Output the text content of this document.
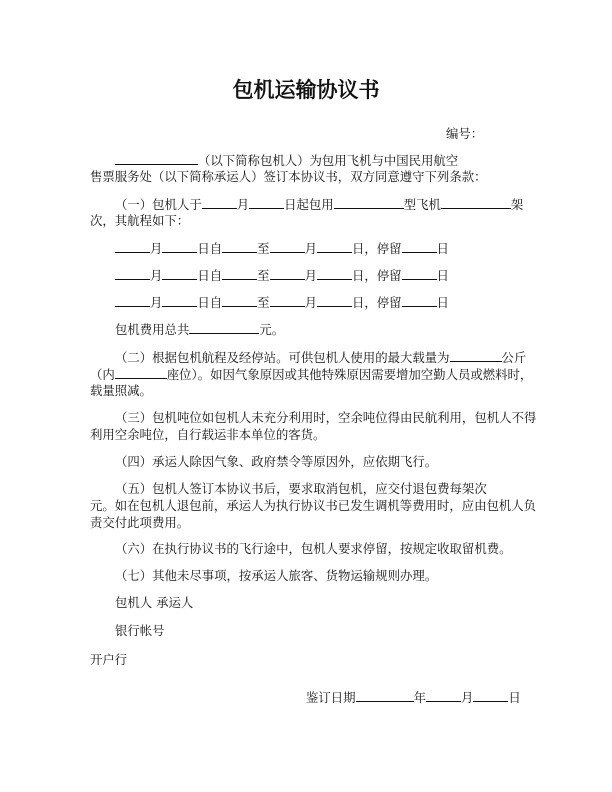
包机运输协议书
编号：
（以下简称包机人）为包用飞机与中国民用航空
售票服务处（以下简称承运人）签订本协议书，双方同意遵守下列条款：
（一）包机人于	月	日起包用	型飞机	架
次，其航程如下：
月	日自	至	月	日，停留	日
月	日自	至	月	日，停留	日
月	日自	至	月	日，停留	日
包机费用总共	元。
（二）根据包机航程及经停站。可供包机人使用的最大载量为	公斤
（内	座位）。如因气象原因或其他特殊原因需要增加空勤人员或燃料时，
载量照减。
（三）包机吨位如包机人未充分利用时，空余吨位得由民航利用，包机人不得
利用空余吨位，自行载运非本单位的客货。
（四）承运人除因气象、政府禁令等原因外，应依期飞行。
（五）包机人签订本协议书后，要求取消包机，应交付退包费每架次
元。如在包机人退包前，承运人为执行协议书已发生调机等费用时，应由包机人负
责交付此项费用。
（六）在执行协议书的飞行途中，包机人要求停留，按规定收取留机费。
（七）其他未尽事项，按承运人旅客、货物运输规则办理。
包机人 承运人
银行帐号
开户行
鉴订日期	年	月	日
